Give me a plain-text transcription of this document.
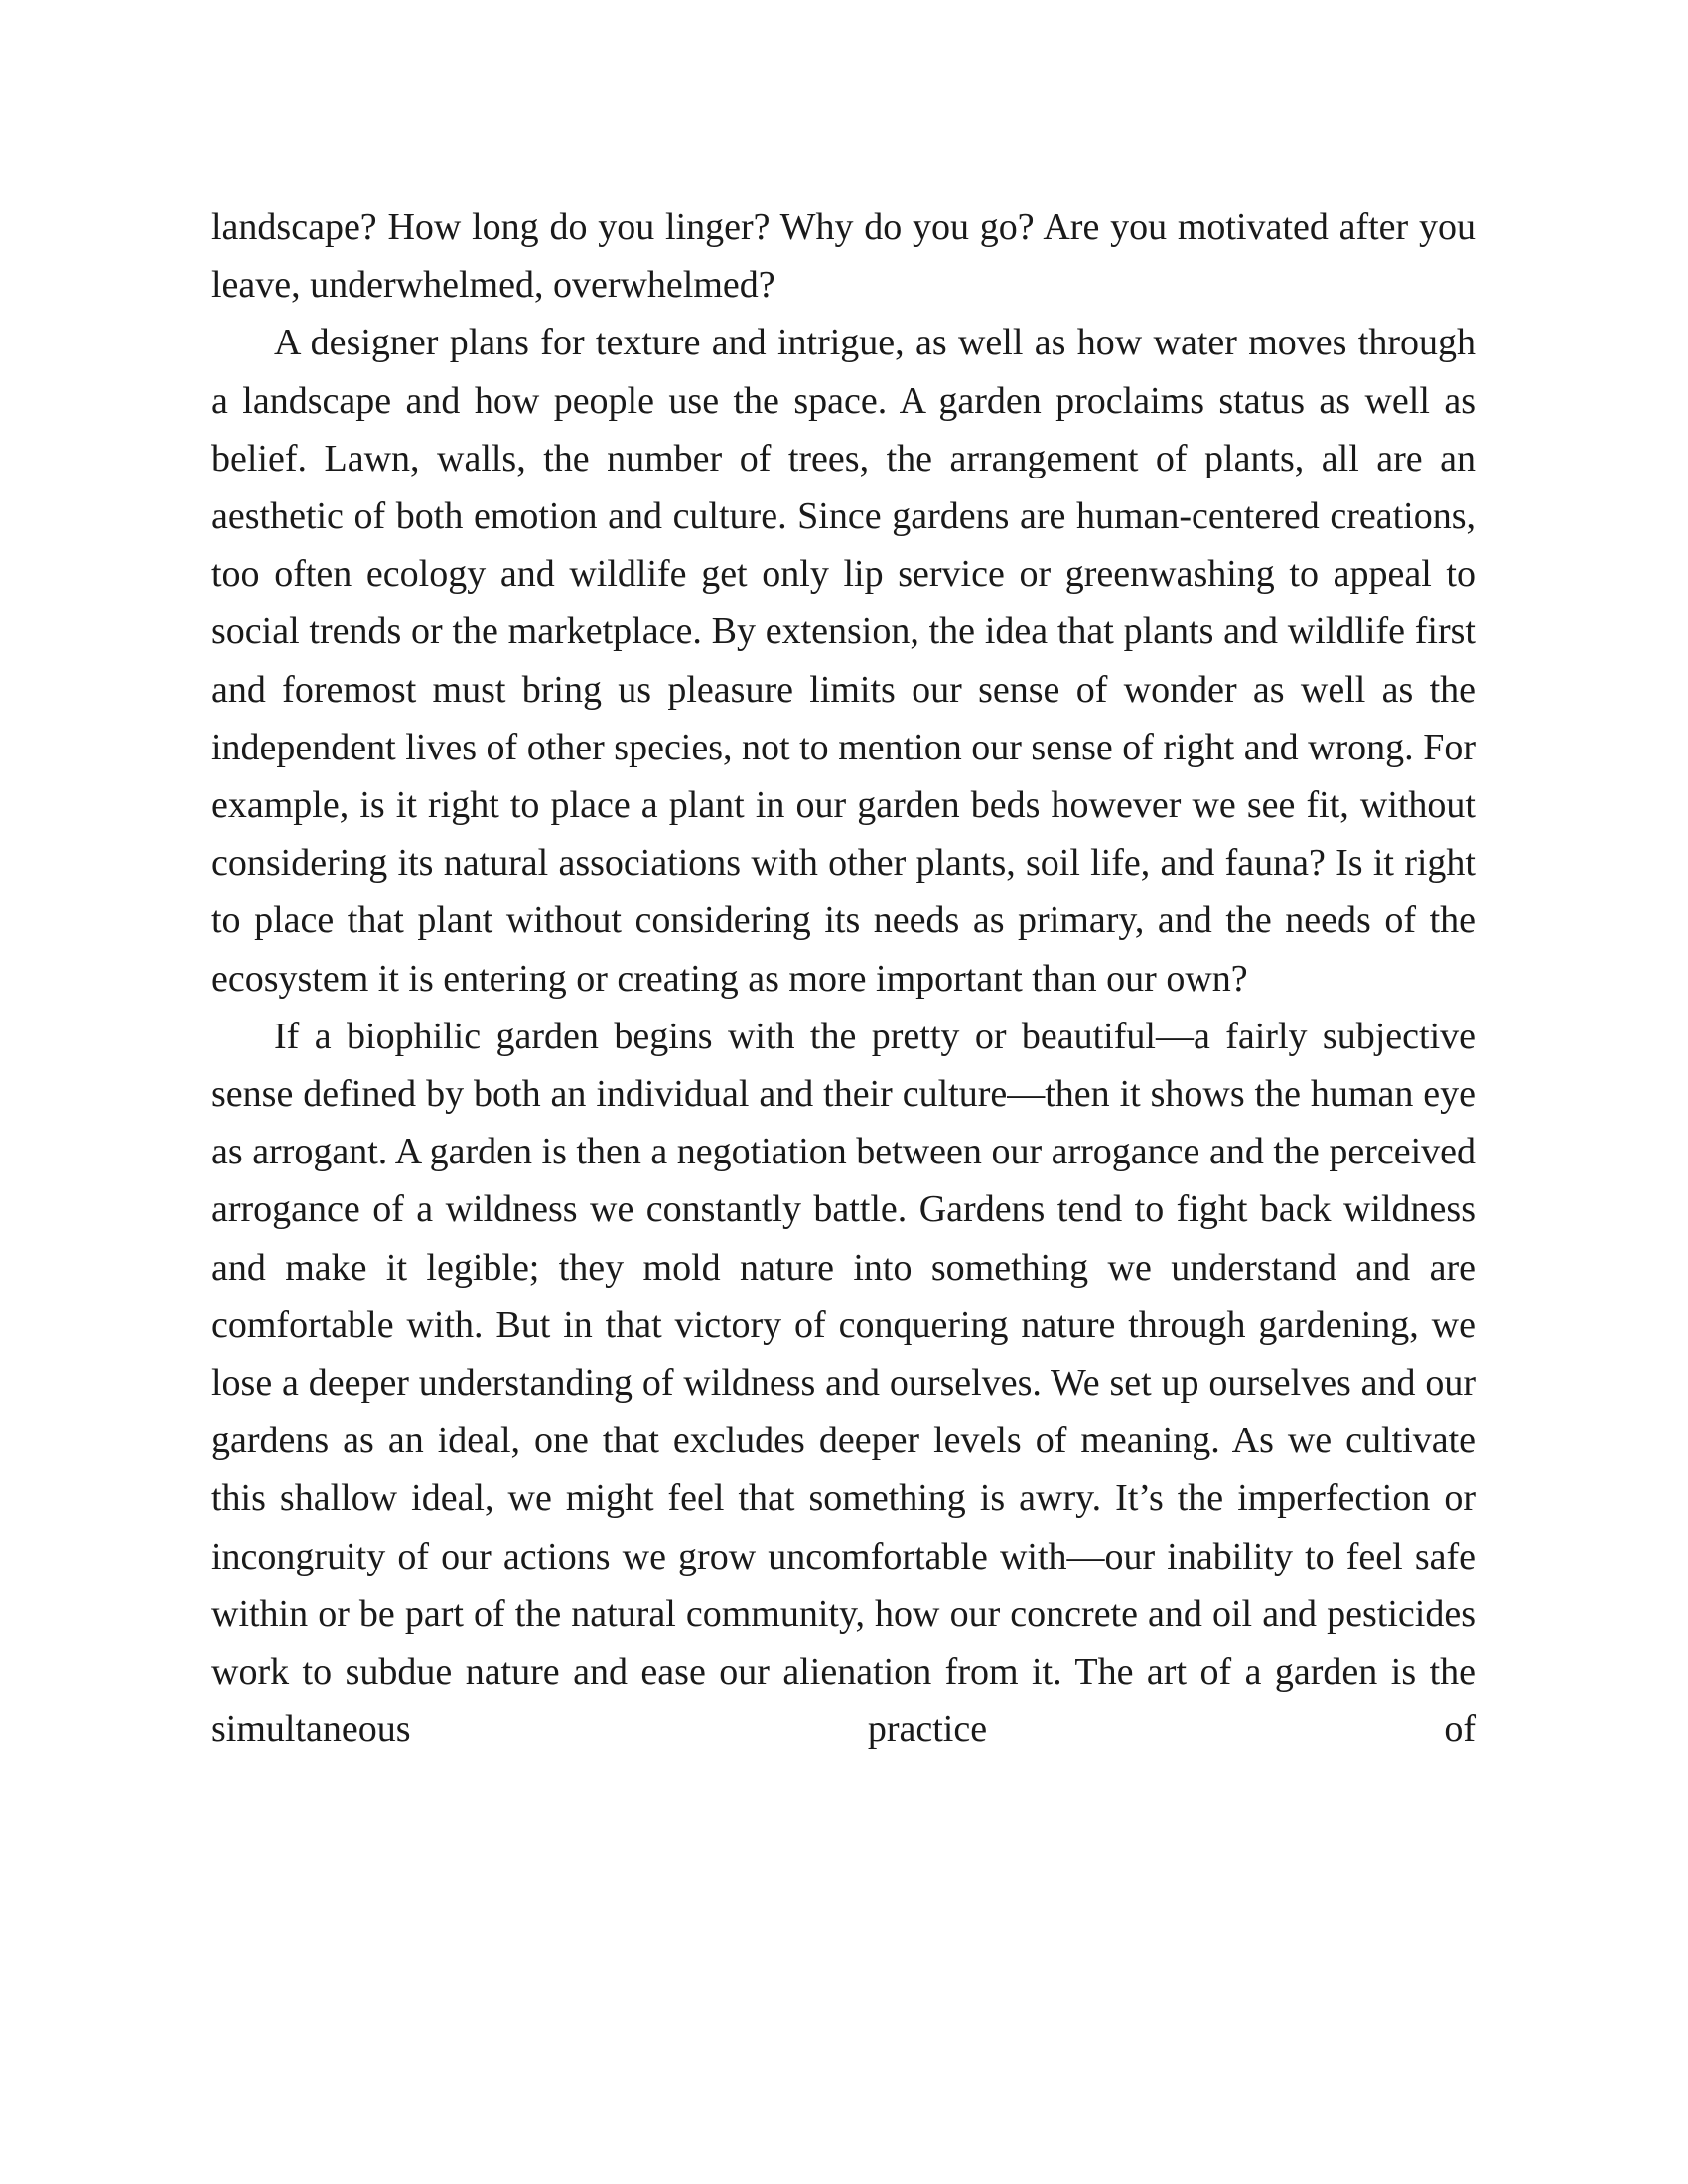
landscape? How long do you linger? Why do you go? Are you motivated after you leave, underwhelmed, overwhelmed?

A designer plans for texture and intrigue, as well as how water moves through a landscape and how people use the space. A garden proclaims status as well as belief. Lawn, walls, the number of trees, the arrangement of plants, all are an aesthetic of both emotion and culture. Since gardens are human-centered creations, too often ecology and wildlife get only lip service or greenwashing to appeal to social trends or the marketplace. By extension, the idea that plants and wildlife first and foremost must bring us pleasure limits our sense of wonder as well as the independent lives of other species, not to mention our sense of right and wrong. For example, is it right to place a plant in our garden beds however we see fit, without considering its natural associations with other plants, soil life, and fauna? Is it right to place that plant without considering its needs as primary, and the needs of the ecosystem it is entering or creating as more important than our own?

If a biophilic garden begins with the pretty or beautiful—a fairly subjective sense defined by both an individual and their culture—then it shows the human eye as arrogant. A garden is then a negotiation between our arrogance and the perceived arrogance of a wildness we constantly battle. Gardens tend to fight back wildness and make it legible; they mold nature into something we understand and are comfortable with. But in that victory of conquering nature through gardening, we lose a deeper understanding of wildness and ourselves. We set up ourselves and our gardens as an ideal, one that excludes deeper levels of meaning. As we cultivate this shallow ideal, we might feel that something is awry. It’s the imperfection or incongruity of our actions we grow uncomfortable with—our inability to feel safe within or be part of the natural community, how our concrete and oil and pesticides work to subdue nature and ease our alienation from it. The art of a garden is the simultaneous practice of
